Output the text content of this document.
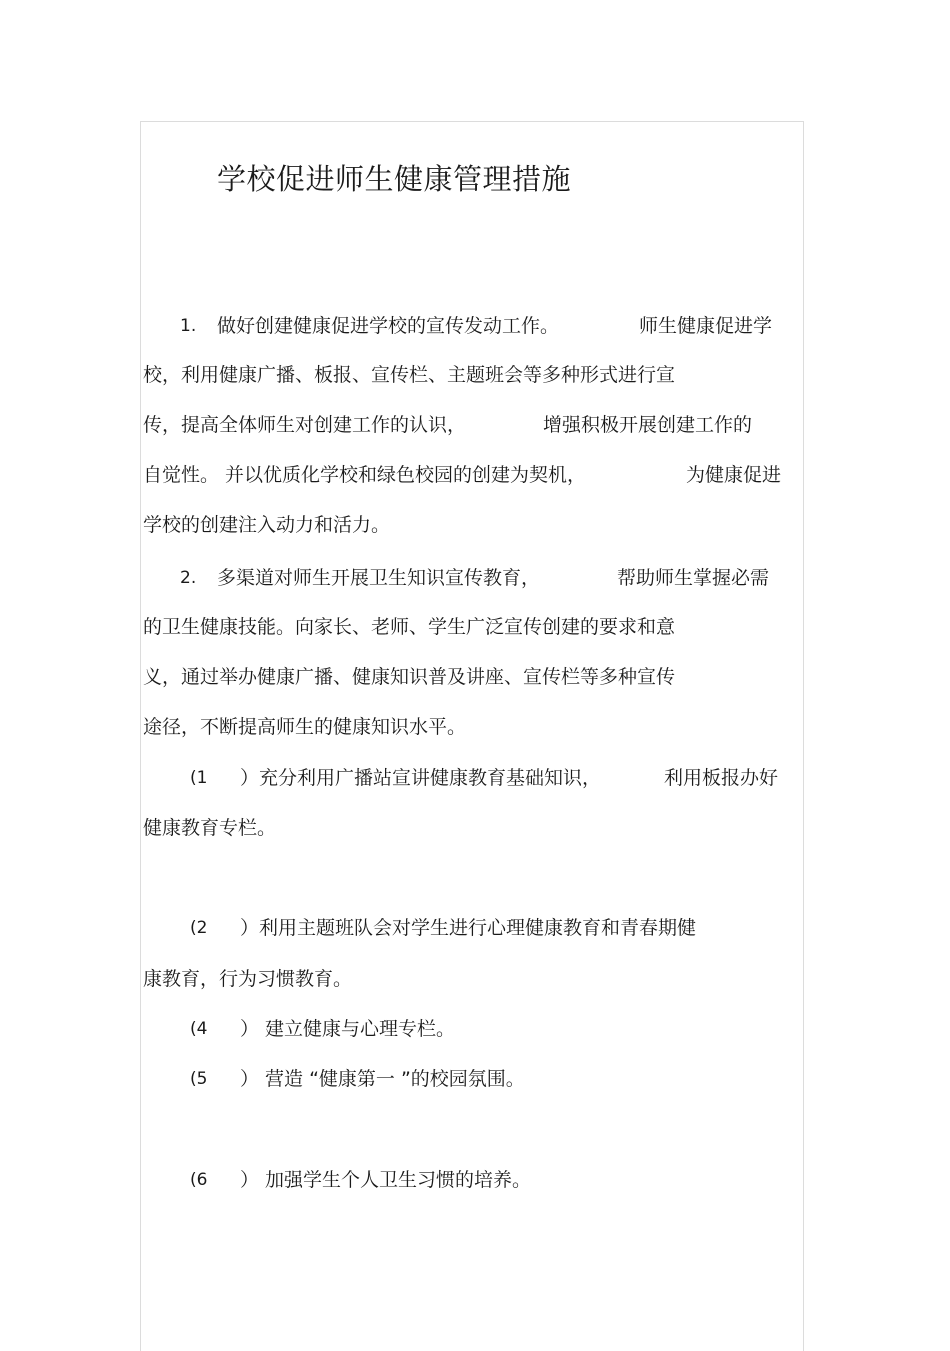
学校促进师生健康管理措施
1. 做好创建健康促进学校的宣传发动工作。	师生健康促进学
校，利用健康广播、板报、宣传栏、主题班会等多种形式进行宣
传，提高全体师生对创建工作的认识，	增强积极开展创建工作的
自觉性。 并以优质化学校和绿色校园的创建为契机，	为健康促进
学校的创建注入动力和活力。
2. 多渠道对师生开展卫生知识宣传教育，	帮助师生掌握必需
的卫生健康技能。向家长、老师、学生广泛宣传创建的要求和意
义，通过举办健康广播、健康知识普及讲座、宣传栏等多种宣传
途径，不断提高师生的健康知识水平。
(1 ）充分利用广播站宣讲健康教育基础知识，	利用板报办好
健康教育专栏。
(2 ）利用主题班队会对学生进行心理健康教育和青春期健
康教育，行为习惯教育。
(4 ） 建立健康与心理专栏。
(5 ） 营造 “健康第一 ”的校园氛围。
(6 ） 加强学生个人卫生习惯的培养。
